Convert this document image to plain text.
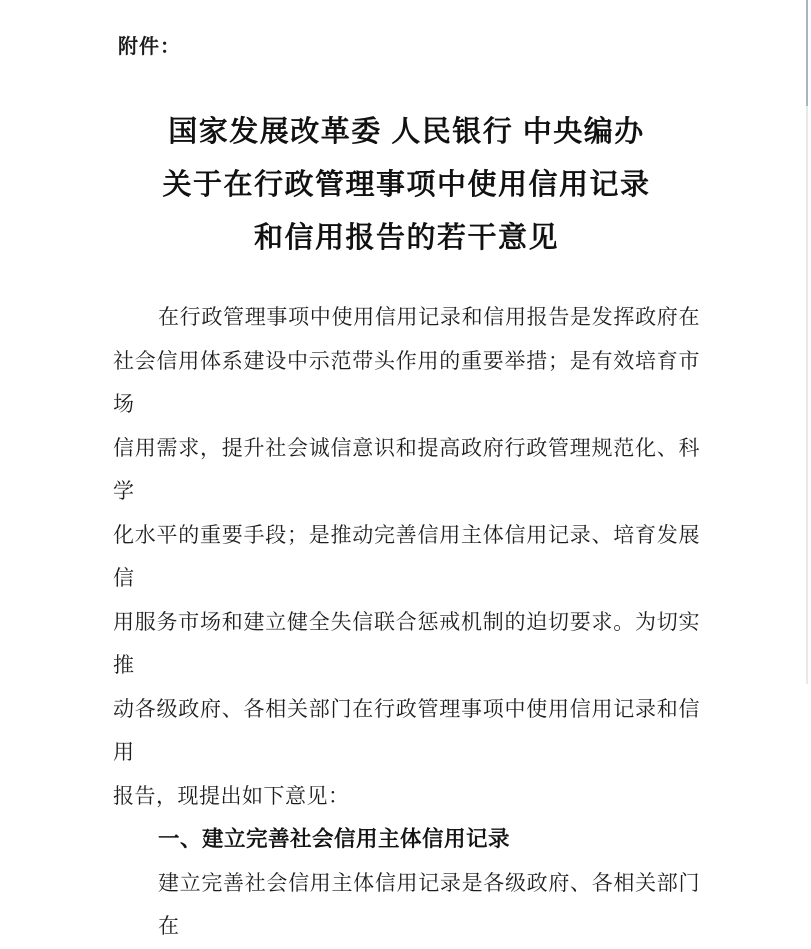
附件：
国家发展改革委 人民银行 中央编办
关于在行政管理事项中使用信用记录
和信用报告的若干意见
在行政管理事项中使用信用记录和信用报告是发挥政府在
社会信用体系建设中示范带头作用的重要举措；是有效培育市场
信用需求，提升社会诚信意识和提高政府行政管理规范化、科学
化水平的重要手段；是推动完善信用主体信用记录、培育发展信
用服务市场和建立健全失信联合惩戒机制的迫切要求。为切实推
动各级政府、各相关部门在行政管理事项中使用信用记录和信用
报告，现提出如下意见：
一、建立完善社会信用主体信用记录
建立完善社会信用主体信用记录是各级政府、各相关部门在
